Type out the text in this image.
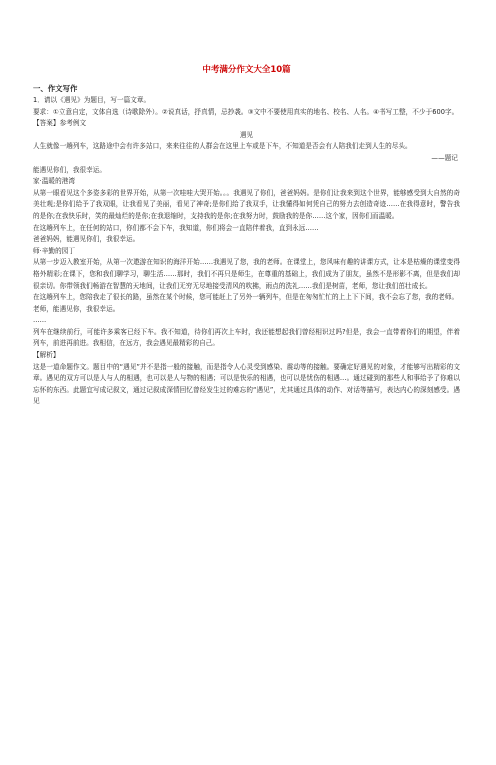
中考满分作文大全10篇
一、作文写作

1．请以《遇见》为题目，写一篇文章。

要求：①立意自定，文体自选（诗歌除外）。②说真话，抒真情，忌抄袭。③文中不要使用真实的地名、校名、人名。④书写工整，不少于600字。

【答案】参考例文

遇见

人生就像一趟列车，这路途中会有许多站口，来来往往的人群会在这里上车或是下车，不知道是否会有人陪我们走到人生的尽头。

——题记

能遇见你们，我很幸运。

家·温暖的港湾

从第一眼看见这个多姿多彩的世界开始，从第一次哇哇大哭开始。。。我遇见了你们，爸爸妈妈。是你们让我来到这个世界，能够感受到大自然的奇美壮观;是你们给予了我双眼，让我看见了美丽，看见了神奇;是你们给了我双手，让我懂得如何凭自己的努力去创造奇迹……在我得意时，警告我的是你;在我快乐时，笑的最灿烂的是你;在我退缩时，支持我的是你;在我努力时，鼓励我的是你……这个家，因你们而温暖。

在这趟列车上，在任何的站口，你们都不会下车，我知道，你们将会一直陪伴着我，直到永远……

爸爸妈妈，能遇见你们，我很幸运。

师·辛勤的园丁

从第一步迈入教室开始，从第一次遨游在知识的海洋开始……我遇见了您，我的老师。在课堂上，您风味有趣的讲课方式，让本是枯燥的课堂变得格外精彩;在课下，您和我们聊学习，聊生活……那时，我们不再只是师生，在尊重的基础上，我们成为了朋友，虽然不是形影不离，但是我们却很亲切。你带领我们畅游在智慧的天地间，让我们无穷无尽地接受清风的吹拂，雨点的洗礼……我们是树苗，老师，您让我们茁壮成长。

在这趟列车上，您陪我走了很长的路，虽然在某个时候，您可能赶上了另外一辆列车，但是在匆匆忙忙的上上下下间，我不会忘了您，我的老师。

老师，能遇见你，我很幸运。

……

列车在继续前行，可能许多乘客已经下车。我不知道，待你们再次上车时，我还能想起我们曾经相识过吗?但是，我会一直带着你们的期望，伴着列车，前进再前进。我相信，在远方，我会遇见最精彩的自己。

【解析】

这是一道命题作文。题目中的“遇见”并不是指一般的接触，而是指令人心灵受到感染、震动等的接触。要确定好遇见的对象，才能够写出精彩的文章。遇见的双方可以是人与人的相遇，也可以是人与物的相遇；可以是快乐的相遇，也可以是忧伤的相遇…。通过碰到的那些人和事给予了你难以忘怀的东西。此题宜写成记叙文，通过记叙成深情回忆曾经发生过的难忘的“遇见”，尤其通过具体的动作、对话等描写，表达内心的深刻感受。遇见
